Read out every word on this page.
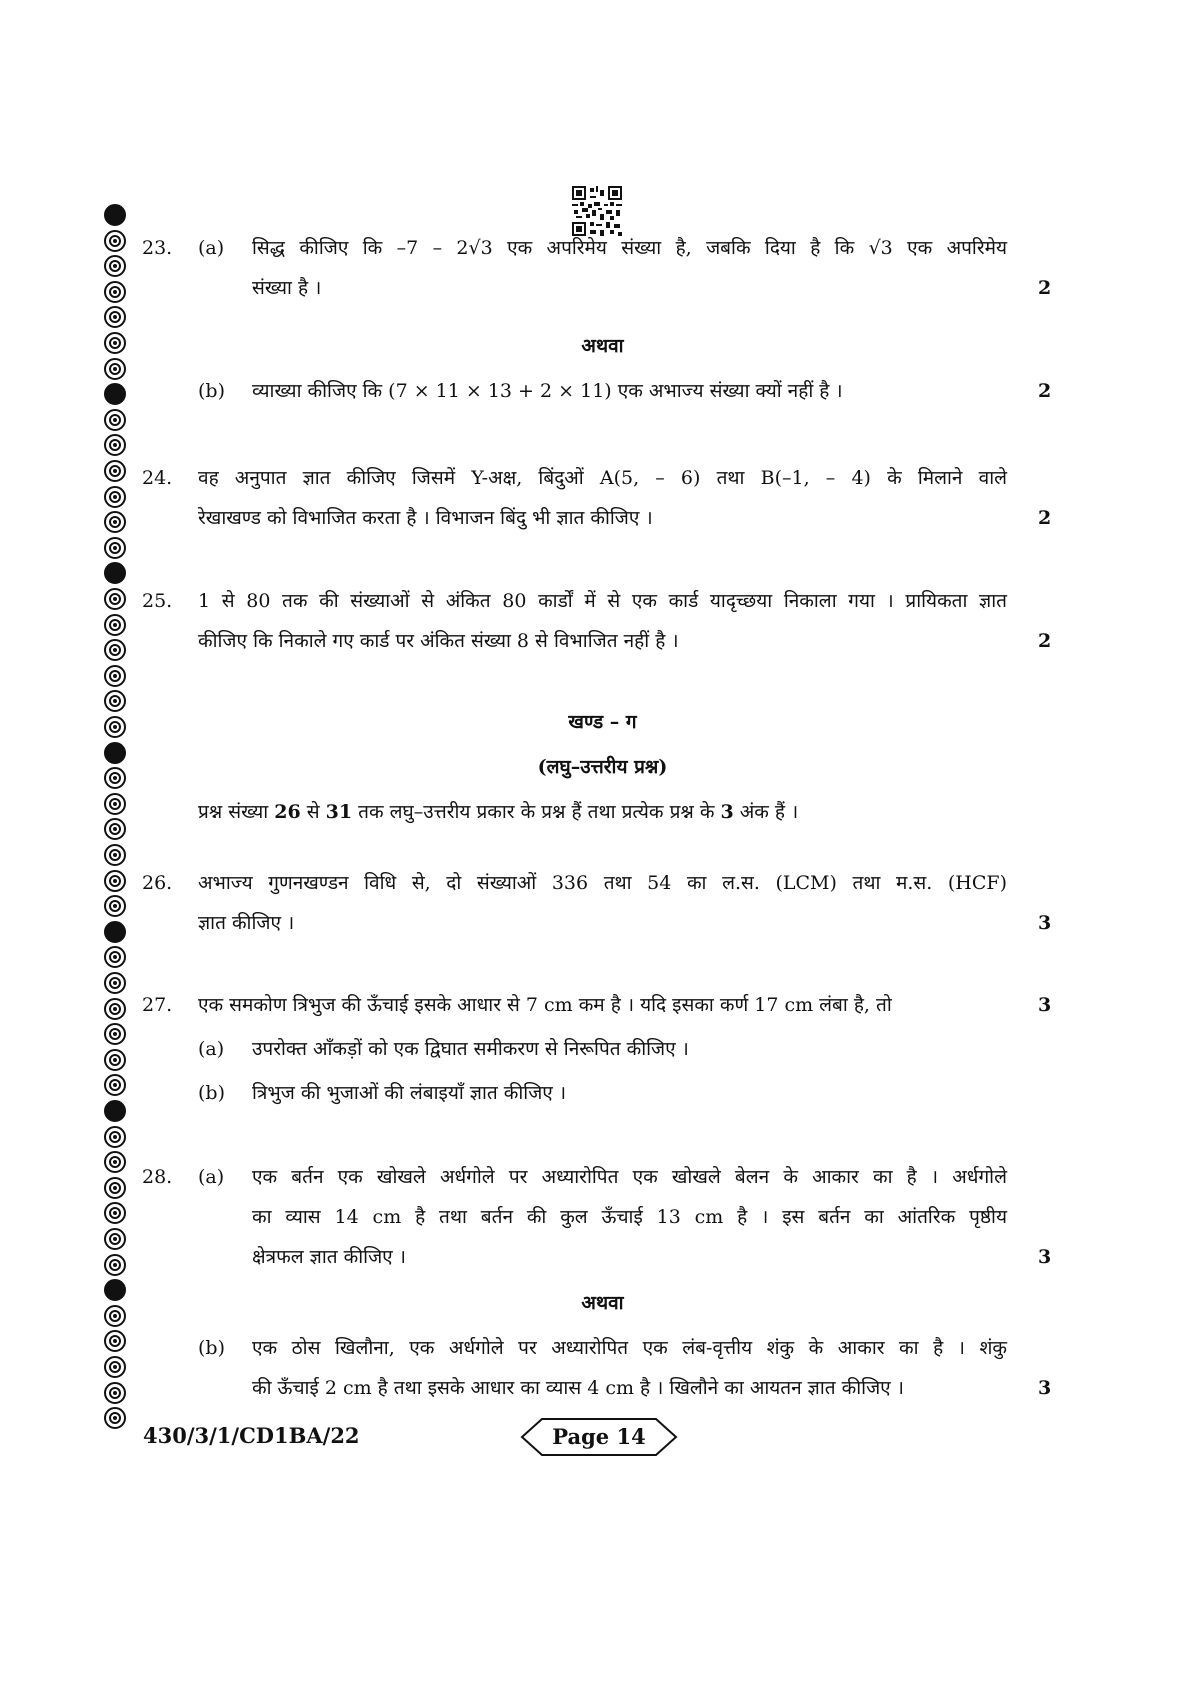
23. (a) सिद्ध कीजिए कि –7 – 2√3 एक अपरिमेय संख्या है, जबकि दिया है कि √3 एक अपरिमेय
संख्या है ।	2
अथवा
(b) व्याख्या कीजिए कि (7 × 11 × 13 + 2 × 11) एक अभाज्य संख्या क्यों नहीं है ।	2
24. वह अनुपात ज्ञात कीजिए जिसमें Y-अक्ष, बिंदुओं A(5, – 6) तथा B(–1, – 4) के मिलाने वाले
रेखाखण्ड को विभाजित करता है । विभाजन बिंदु भी ज्ञात कीजिए ।	2
25. 1 से 80 तक की संख्याओं से अंकित 80 कार्डों में से एक कार्ड यादृच्छया निकाला गया । प्रायिकता ज्ञात
कीजिए कि निकाले गए कार्ड पर अंकित संख्या 8 से विभाजित नहीं है ।	2
खण्ड – ग
(लघु–उत्तरीय प्रश्न)
प्रश्न संख्या 26 से 31 तक लघु–उत्तरीय प्रकार के प्रश्न हैं तथा प्रत्येक प्रश्न के 3 अंक हैं ।
26. अभाज्य गुणनखण्डन विधि से, दो संख्याओं 336 तथा 54 का ल.स. (LCM) तथा म.स. (HCF)
ज्ञात कीजिए ।	3
27. एक समकोण त्रिभुज की ऊँचाई इसके आधार से 7 cm कम है । यदि इसका कर्ण 17 cm लंबा है, तो	3
(a) उपरोक्त आँकड़ों को एक द्विघात समीकरण से निरूपित कीजिए ।
(b) त्रिभुज की भुजाओं की लंबाइयाँ ज्ञात कीजिए ।
28. (a) एक बर्तन एक खोखले अर्धगोले पर अध्यारोपित एक खोखले बेलन के आकार का है । अर्धगोले
का व्यास 14 cm है तथा बर्तन की कुल ऊँचाई 13 cm है । इस बर्तन का आंतरिक पृष्ठीय
क्षेत्रफल ज्ञात कीजिए ।	3
अथवा
(b) एक ठोस खिलौना, एक अर्धगोले पर अध्यारोपित एक लंब-वृत्तीय शंकु के आकार का है । शंकु
की ऊँचाई 2 cm है तथा इसके आधार का व्यास 4 cm है । खिलौने का आयतन ज्ञात कीजिए ।	3
430/3/1/CD1BA/22	Page 14
